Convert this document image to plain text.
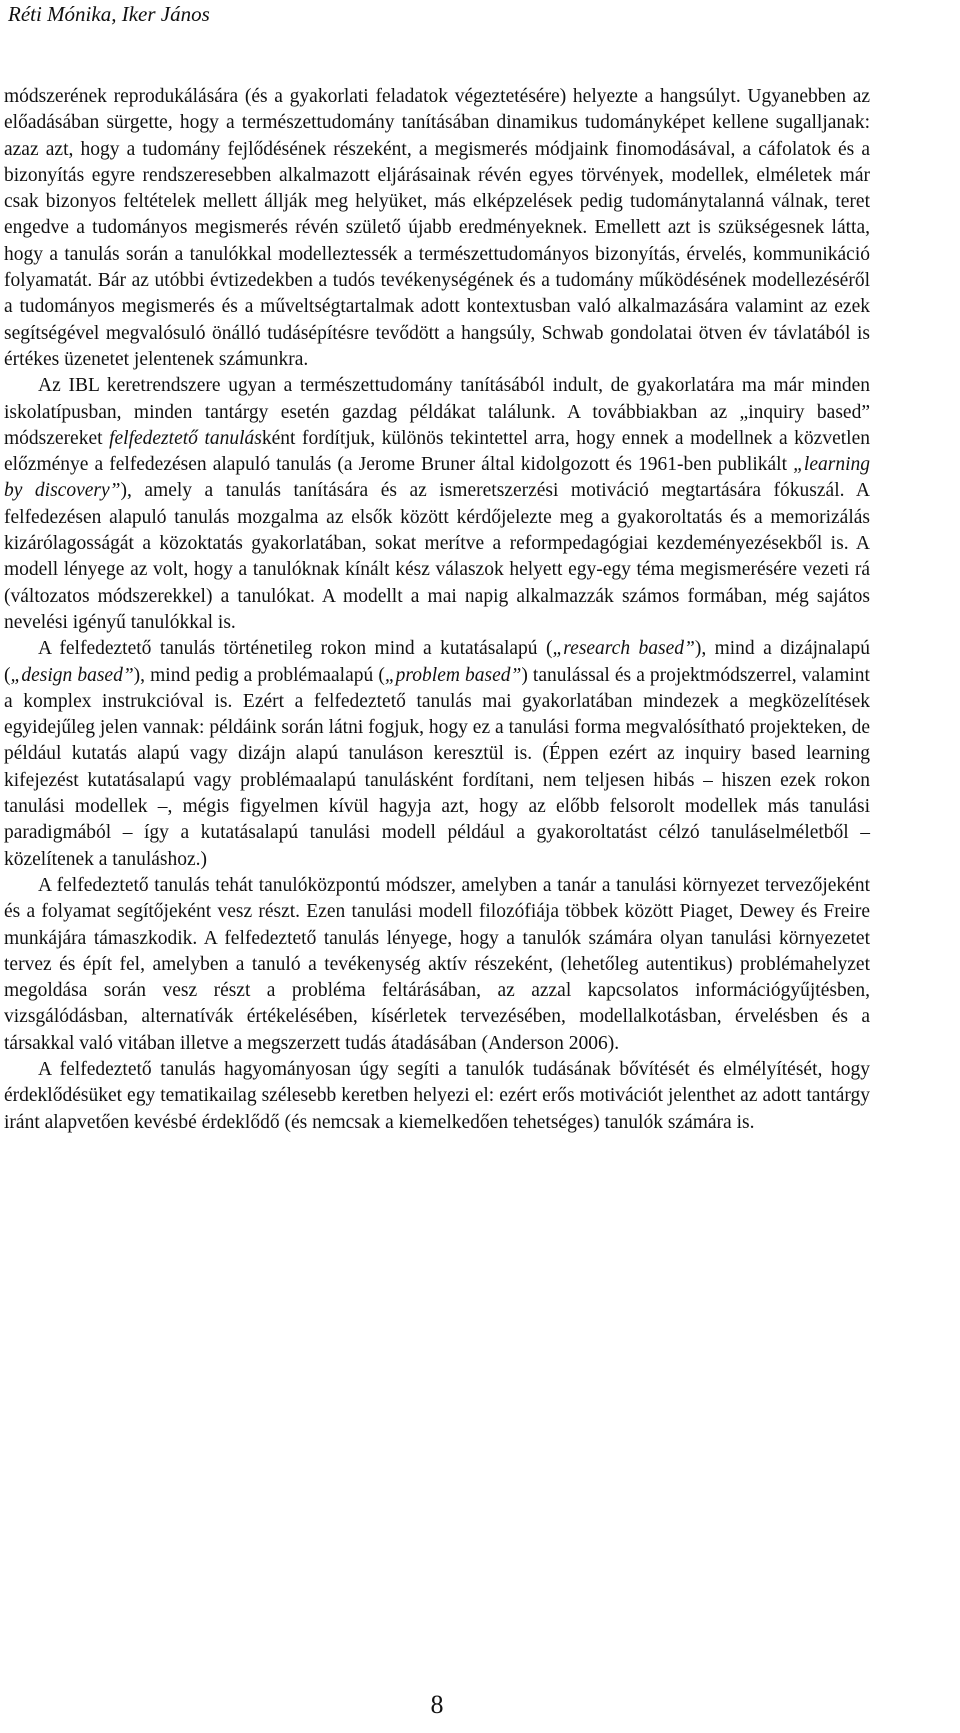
Réti Mónika, Iker János

módszerének reprodukálására (és a gyakorlati feladatok végeztetésére) helyezte a hangsúlyt. Ugyanebben az előadásában sürgette, hogy a természettudomány tanításában dinamikus tudományképet kellene sugalljanak: azaz azt, hogy a tudomány fejlődésének részeként, a megismerés módjaink finomodásával, a cáfolatok és a bizonyítás egyre rendszeresebben alkalmazott eljárásainak révén egyes törvények, modellek, elméletek már csak bizonyos feltételek mellett állják meg helyüket, más elképzelések pedig tudománytalanná válnak, teret engedve a tudományos megismerés révén születő újabb eredményeknek. Emellett azt is szükségesnek látta, hogy a tanulás során a tanulókkal modelleztessék a természettudományos bizonyítás, érvelés, kommunikáció folyamatát. Bár az utóbbi évtizedekben a tudós tevékenységének és a tudomány működésének modellezéséről a tudományos megismerés és a műveltségtartalmak adott kontextusban való alkalmazására valamint az ezek segítségével megvalósuló önálló tudásépítésre tevődött a hangsúly, Schwab gondolatai ötven év távlatából is értékes üzenetet jelentenek számunkra.

Az IBL keretrendszere ugyan a természettudomány tanításából indult, de gyakorlatára ma már minden iskolatípusban, minden tantárgy esetén gazdag példákat találunk. A továbbiakban az „inquiry based” módszereket felfedeztető tanulásként fordítjuk, különös tekintettel arra, hogy ennek a modellnek a közvetlen előzménye a felfedezésen alapuló tanulás (a Jerome Bruner által kidolgozott és 1961-ben publikált „learning by discovery”), amely a tanulás tanítására és az ismeretszerzési motiváció megtartására fókuszál. A felfedezésen alapuló tanulás mozgalma az elsők között kérdőjelezte meg a gyakoroltatás és a memorizálás kizárólagosságát a közoktatás gyakorlatában, sokat merítve a reformpedagógiai kezdeményezésekből is. A modell lényege az volt, hogy a tanulóknak kínált kész válaszok helyett egy-egy téma megismerésére vezeti rá (változatos módszerekkel) a tanulókat. A modellt a mai napig alkalmazzák számos formában, még sajátos nevelési igényű tanulókkal is.

A felfedeztető tanulás történetileg rokon mind a kutatásalapú („research based”), mind a dizájnalapú („design based”), mind pedig a problémaalapú („problem based”) tanulással és a projektmódszerrel, valamint a komplex instrukcióval is. Ezért a felfedeztető tanulás mai gyakorlatában mindezek a megközelítések egyidejűleg jelen vannak: példáink során látni fogjuk, hogy ez a tanulási forma megvalósítható projekteken, de például kutatás alapú vagy dizájn alapú tanuláson keresztül is. (Éppen ezért az inquiry based learning kifejezést kutatásalapú vagy problémaalapú tanulásként fordítani, nem teljesen hibás – hiszen ezek rokon tanulási modellek –, mégis figyelmen kívül hagyja azt, hogy az előbb felsorolt modellek más tanulási paradigmából – így a kutatásalapú tanulási modell például a gyakoroltatást célzó tanuláselméletből – közelítenek a tanuláshoz.)

A felfedeztető tanulás tehát tanulóközpontú módszer, amelyben a tanár a tanulási környezet tervezőjeként és a folyamat segítőjeként vesz részt. Ezen tanulási modell filozófiája többek között Piaget, Dewey és Freire munkájára támaszkodik. A felfedeztető tanulás lényege, hogy a tanulók számára olyan tanulási környezetet tervez és épít fel, amelyben a tanuló a tevékenység aktív részeként, (lehetőleg autentikus) problémahelyzet megoldása során vesz részt a probléma feltárásában, az azzal kapcsolatos információgyűjtésben, vizsgálódásban, alternatívák értékelésében, kísérletek tervezésében, modellalkotásban, érvelésben és a társakkal való vitában illetve a megszerzett tudás átadásában (Anderson 2006).

A felfedeztető tanulás hagyományosan úgy segíti a tanulók tudásának bővítését és elmélyítését, hogy érdeklődésüket egy tematikailag szélesebb keretben helyezi el: ezért erős motivációt jelenthet az adott tantárgy iránt alapvetően kevésbé érdeklődő (és nemcsak a kiemelkedően tehetséges) tanulók számára is.

8
